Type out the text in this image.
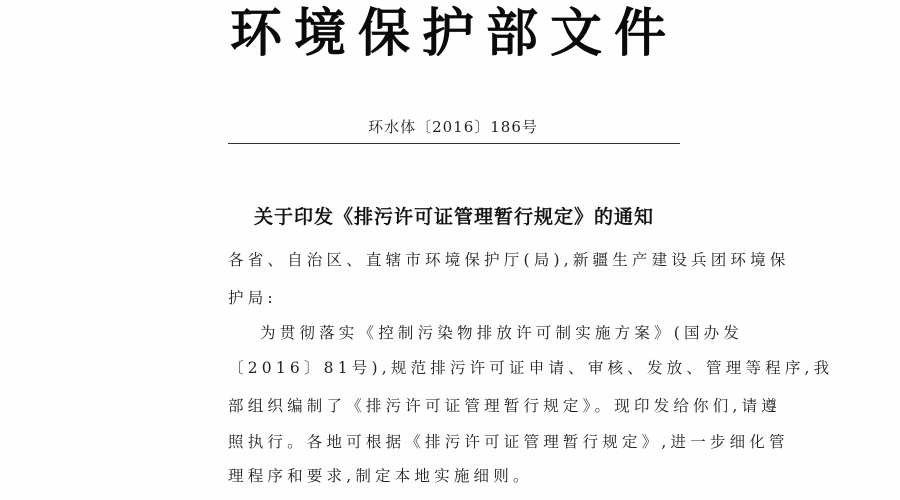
环境保护部文件
环水体〔2016〕186号
关于印发《排污许可证管理暂行规定》的通知
各省、自治区、直辖市环境保护厅(局),新疆生产建设兵团环境保
护局:
为贯彻落实《控制污染物排放许可制实施方案》(国办发
〔2016〕81号),规范排污许可证申请、审核、发放、管理等程序,我
部组织编制了《排污许可证管理暂行规定》。现印发给你们,请遵
照执行。各地可根据《排污许可证管理暂行规定》,进一步细化管
理程序和要求,制定本地实施细则。
